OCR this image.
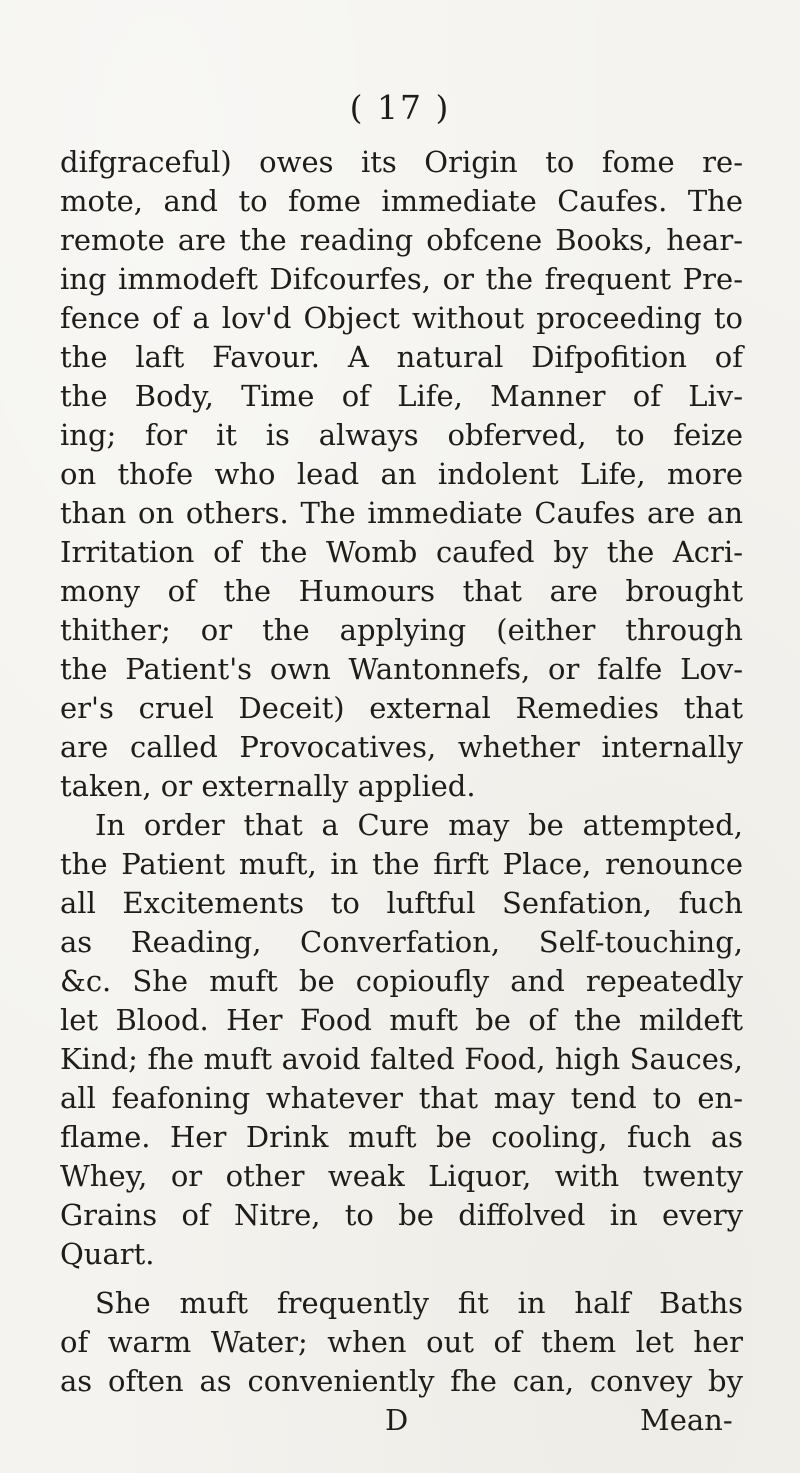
( 17 )
difgraceful) owes its Origin to fome re-
mote, and to fome immediate Caufes. The
remote are the reading obfcene Books, hear-
ing immodeft Difcourfes, or the frequent Pre-
fence of a lov'd Object without proceeding to
the laft Favour. A natural Difpofition of
the Body, Time of Life, Manner of Liv-
ing; for it is always obferved, to feize
on thofe who lead an indolent Life, more
than on others. The immediate Caufes are an
Irritation of the Womb caufed by the Acri-
mony of the Humours that are brought
thither; or the applying (either through
the Patient's own Wantonnefs, or falfe Lov-
er's cruel Deceit) external Remedies that
are called Provocatives, whether internally
taken, or externally applied.
In order that a Cure may be attempted,
the Patient muft, in the firft Place, renounce
all Excitements to luftful Senfation, fuch
as Reading, Converfation, Self-touching,
&c. She muft be copioufly and repeatedly
let Blood. Her Food muft be of the mildeft
Kind; fhe muft avoid falted Food, high Sauces,
all feafoning whatever that may tend to en-
flame. Her Drink muft be cooling, fuch as
Whey, or other weak Liquor, with twenty
Grains of Nitre, to be diffolved in every
Quart.
She muft frequently fit in half Baths
of warm Water; when out of them let her
as often as conveniently fhe can, convey by
D	Mean-
